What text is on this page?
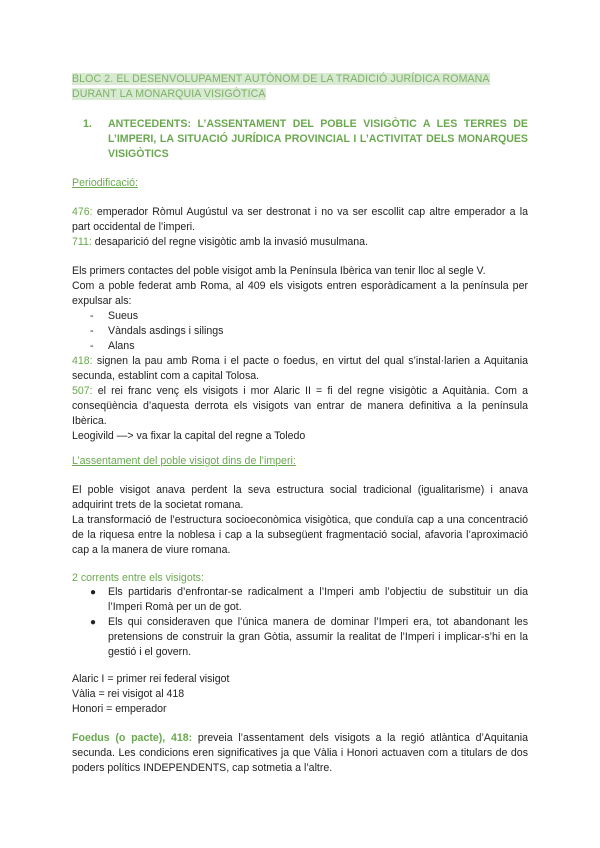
BLOC 2. EL DESENVOLUPAMENT AUTÒNOM DE LA TRADICIÓ JURÍDICA ROMANA
DURANT LA MONARQUIA VISIGÒTICA
1. ANTECEDENTS: L’ASSENTAMENT DEL POBLE VISIGÒTIC A LES TERRES DE L’IMPERI, LA SITUACIÓ JURÍDICA PROVINCIAL I L’ACTIVITAT DELS MONARQUES VISIGÒTICS
Periodificació:
476: emperador Ròmul Augústul va ser destronat i no va ser escollit cap altre emperador a la part occidental de l’imperi.
711: desaparició del regne visigòtic amb la invasió musulmana.
Els primers contactes del poble visigot amb la Península Ibèrica van tenir lloc al segle V.
Com a poble federat amb Roma, al 409 els visigots entren esporàdicament a la península per expulsar als:
- Sueus
- Vàndals asdings i silings
- Alans
418: signen la pau amb Roma i el pacte o foedus, en virtut del qual s’instal·larien a Aquitania secunda, establint com a capital Tolosa.
507: el rei franc venç els visigots i mor Alaric II = fi del regne visigòtic a Aquitània. Com a conseqüència d’aquesta derrota els visigots van entrar de manera definitiva a la península Ibèrica.
Leogivild —> va fixar la capital del regne a Toledo
L’assentament del poble visigot dins de l’imperi:
El poble visigot anava perdent la seva estructura social tradicional (igualitarisme) i anava adquirint trets de la societat romana.
La transformació de l’estructura socioeconòmica visigòtica, que conduïa cap a una concentració de la riquesa entre la noblesa i cap a la subsegüent fragmentació social, afavoria l’aproximació cap a la manera de viure romana.
2 corrents entre els visigots:
● Els partidaris d’enfrontar-se radicalment a l’Imperi amb l’objectiu de substituir un dia l’Imperi Romà per un de got.
● Els qui consideraven que l’única manera de dominar l’Imperi era, tot abandonant les pretensions de construir la gran Gòtia, assumir la realitat de l’Imperi i implicar-s’hi en la gestió i el govern.
Alaric I = primer rei federal visigot
Vàlia = rei visigot al 418
Honori = emperador
Foedus (o pacte), 418: preveia l’assentament dels visigots a la regió atlàntica d’Aquitania secunda. Les condicions eren significatives ja que Vàlia i Honori actuaven com a titulars de dos poders polítics INDEPENDENTS, cap sotmetia a l’altre.
